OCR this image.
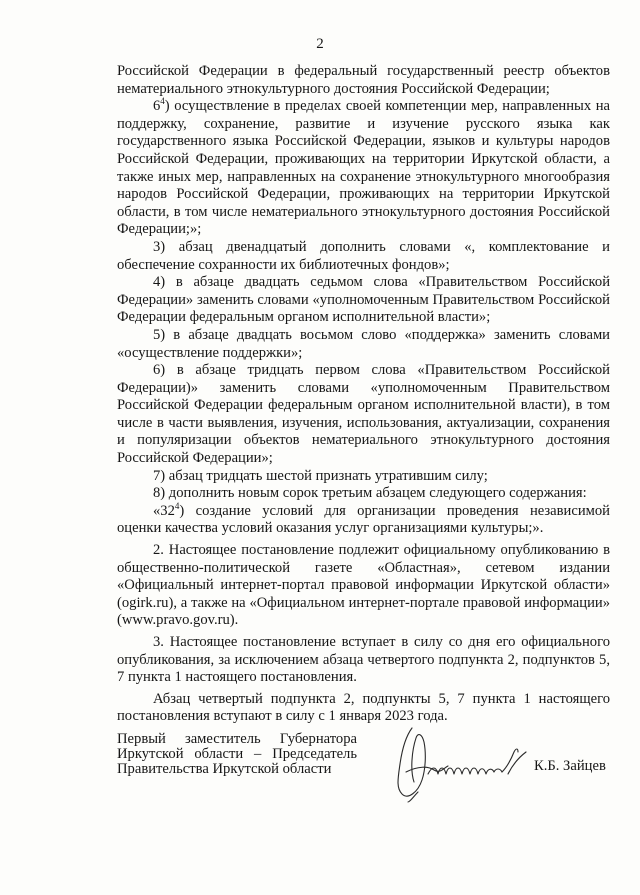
2

Российской Федерации в федеральный государственный реестр объектов нематериального этнокультурного достояния Российской Федерации;

$6^4$) осуществление в пределах своей компетенции мер, направленных на поддержку, сохранение, развитие и изучение русского языка как государственного языка Российской Федерации, языков и культуры народов Российской Федерации, проживающих на территории Иркутской области, а также иных мер, направленных на сохранение этнокультурного многообразия народов Российской Федерации, проживающих на территории Иркутской области, в том числе нематериального этнокультурного достояния Российской Федерации;»;

3) абзац двенадцатый дополнить словами «, комплектование и обеспечение сохранности их библиотечных фондов»;

4) в абзаце двадцать седьмом слова «Правительством Российской Федерации» заменить словами «уполномоченным Правительством Российской Федерации федеральным органом исполнительной власти»;

5) в абзаце двадцать восьмом слово «поддержка» заменить словами «осуществление поддержки»;

6) в абзаце тридцать первом слова «Правительством Российской Федерации)» заменить словами «уполномоченным Правительством Российской Федерации федеральным органом исполнительной власти), в том числе в части выявления, изучения, использования, актуализации, сохранения и популяризации объектов нематериального этнокультурного достояния Российской Федерации»;

7) абзац тридцать шестой признать утратившим силу;

8) дополнить новым сорок третьим абзацем следующего содержания:

«$32^4$) создание условий для организации проведения независимой оценки качества условий оказания услуг организациями культуры;».

2. Настоящее постановление подлежит официальному опубликованию в общественно-политической газете «Областная», сетевом издании «Официальный интернет-портал правовой информации Иркутской области» (ogirk.ru), а также на «Официальном интернет-портале правовой информации» (www.pravo.gov.ru).

3. Настоящее постановление вступает в силу со дня его официального опубликования, за исключением абзаца четвертого подпункта 2, подпунктов 5, 7 пункта 1 настоящего постановления.

Абзац четвертый подпункта 2, подпункты 5, 7 пункта 1 настоящего постановления вступают в силу с 1 января 2023 года.

Первый заместитель Губернатора
Иркутской области – Председатель
Правительства Иркутской области	К.Б. Зайцев
